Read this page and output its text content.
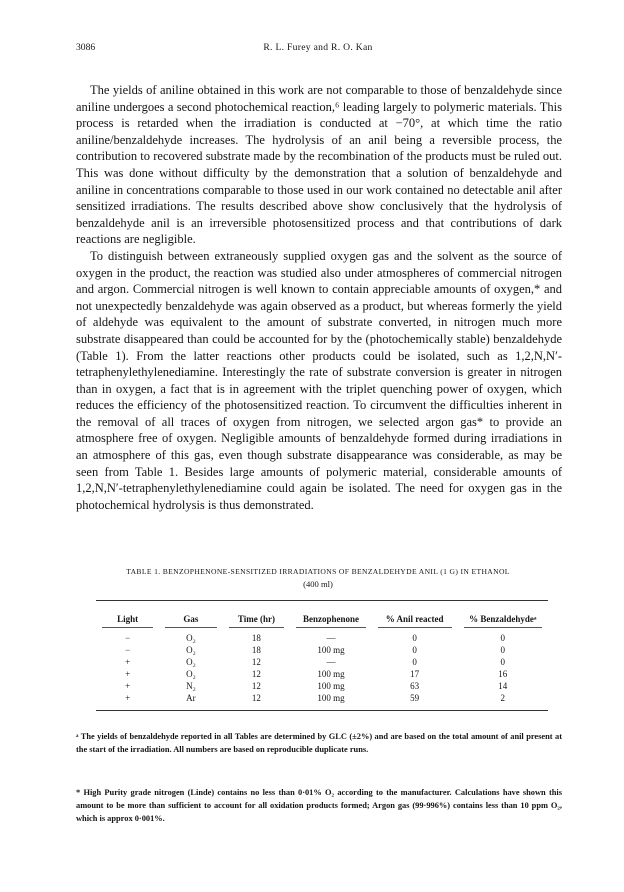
3086	R. L. Furey and R. O. Kan

The yields of aniline obtained in this work are not comparable to those of benzaldehyde since aniline undergoes a second photochemical reaction,⁶ leading largely to polymeric materials. This process is retarded when the irradiation is conducted at −70°, at which time the ratio aniline/benzaldehyde increases. The hydrolysis of an anil being a reversible process, the contribution to recovered substrate made by the recombination of the products must be ruled out. This was done without difficulty by the demonstration that a solution of benzaldehyde and aniline in concentrations comparable to those used in our work contained no detectable anil after sensitized irradiations. The results described above show conclusively that the hydrolysis of benzaldehyde anil is an irreversible photosensitized process and that contributions of dark reactions are negligible.

To distinguish between extraneously supplied oxygen gas and the solvent as the source of oxygen in the product, the reaction was studied also under atmospheres of commercial nitrogen and argon. Commercial nitrogen is well known to contain appreciable amounts of oxygen,* and not unexpectedly benzaldehyde was again observed as a product, but whereas formerly the yield of aldehyde was equivalent to the amount of substrate converted, in nitrogen much more substrate disappeared than could be accounted for by the (photochemically stable) benzaldehyde (Table 1). From the latter reactions other products could be isolated, such as 1,2,N,N′-tetraphenylethylenediamine. Interestingly the rate of substrate conversion is greater in nitrogen than in oxygen, a fact that is in agreement with the triplet quenching power of oxygen, which reduces the efficiency of the photosensitized reaction. To circumvent the difficulties inherent in the removal of all traces of oxygen from nitrogen, we selected argon gas* to provide an atmosphere free of oxygen. Negligible amounts of benzaldehyde formed during irradiations in an atmosphere of this gas, even though substrate disappearance was considerable, as may be seen from Table 1. Besides large amounts of polymeric material, considerable amounts of 1,2,N,N′-tetraphenylethylenediamine could again be isolated. The need for oxygen gas in the photochemical hydrolysis is thus demonstrated.

TABLE 1. BENZOPHENONE-SENSITIZED IRRADIATIONS OF BENZALDEHYDE ANIL (1 G) IN ETHANOL
(400 ml)

Light	Gas	Time (hr)	Benzophenone	% Anil reacted	% Benzaldehydeᵃ

−	O₂	18	—	0	0
−	O₂	18	100 mg	0	0
+	O₂	12	—	0	0
+	O₂	12	100 mg	17	16
+	N₂	12	100 mg	63	14
+	Ar	12	100 mg	59	2

ᵃ The yields of benzaldehyde reported in all Tables are determined by GLC (±2%) and are based on the total amount of anil present at the start of the irradiation. All numbers are based on reproducible duplicate runs.
* High Purity grade nitrogen (Linde) contains no less than 0·01% O₂ according to the manufacturer. Calculations have shown this amount to be more than sufficient to account for all oxidation products formed; Argon gas (99·996%) contains less than 10 ppm O₂, which is approx 0·001%.
